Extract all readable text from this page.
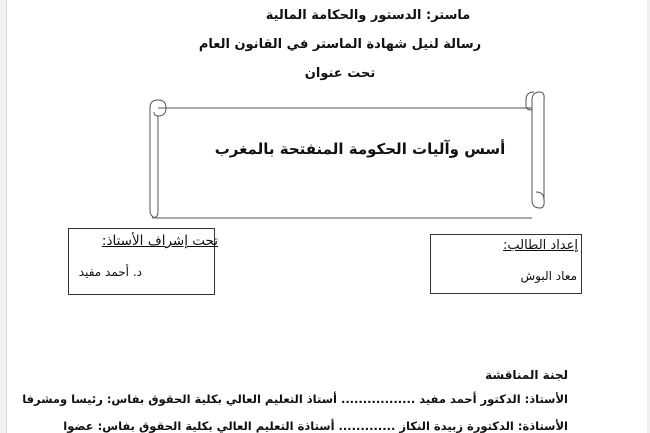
ماستر: الدستور والحكامة المالية
رسالة لنيل شهادة الماستر في القانون العام
تحت عنوان
أسس وآليات الحكومة المنفتحة بالمغرب
تحت إشراف الأستاذ:
د. أحمد مفيد
إعداد الطالب:
معاد البوش
لجنة المناقشة
الأستاذ: الدكتور أحمد مفيد ................. أستاذ التعليم العالي بكلية الحقوق بفاس: رئيسا ومشرفا
الأستاذة: الدكتورة زبيدة النكاز ............. أستاذة التعليم العالي بكلية الحقوق بفاس: عضوا
